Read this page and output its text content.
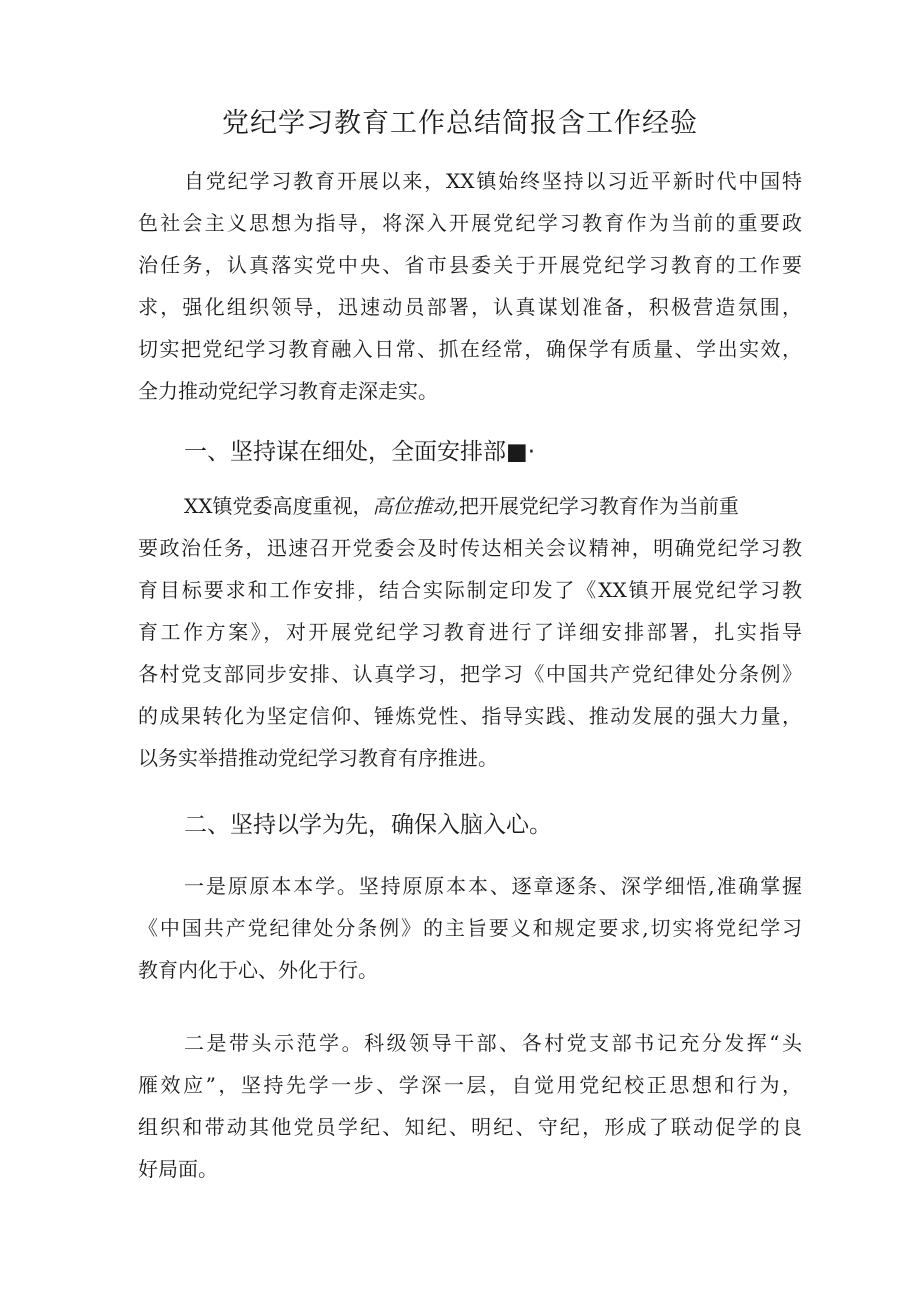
党纪学习教育工作总结简报含工作经验
自党纪学习教育开展以来，XX镇始终坚持以习近平新时代中国特
色社会主义思想为指导，将深入开展党纪学习教育作为当前的重要政
治任务，认真落实党中央、省市县委关于开展党纪学习教育的工作要
求，强化组织领导，迅速动员部署，认真谋划准备，积极营造氛围，
切实把党纪学习教育融入日常、抓在经常，确保学有质量、学出实效，
全力推动党纪学习教育走深走实。
一、坚持谋在细处，全面安排部■·
XX镇党委高度重视，高位推动,把开展党纪学习教育作为当前重
要政治任务，迅速召开党委会及时传达相关会议精神，明确党纪学习教
育目标要求和工作安排，结合实际制定印发了《XX镇开展党纪学习教
育工作方案》，对开展党纪学习教育进行了详细安排部署，扎实指导
各村党支部同步安排、认真学习，把学习《中国共产党纪律处分条例》
的成果转化为坚定信仰、锤炼党性、指导实践、推动发展的强大力量，
以务实举措推动党纪学习教育有序推进。
二、坚持以学为先，确保入脑入心。
一是原原本本学。坚持原原本本、逐章逐条、深学细悟,准确掌握
《中国共产党纪律处分条例》的主旨要义和规定要求,切实将党纪学习
教育内化于心、外化于行。
二是带头示范学。科级领导干部、各村党支部书记充分发挥“头
雁效应”，坚持先学一步、学深一层，自觉用党纪校正思想和行为，
组织和带动其他党员学纪、知纪、明纪、守纪，形成了联动促学的良
好局面。
